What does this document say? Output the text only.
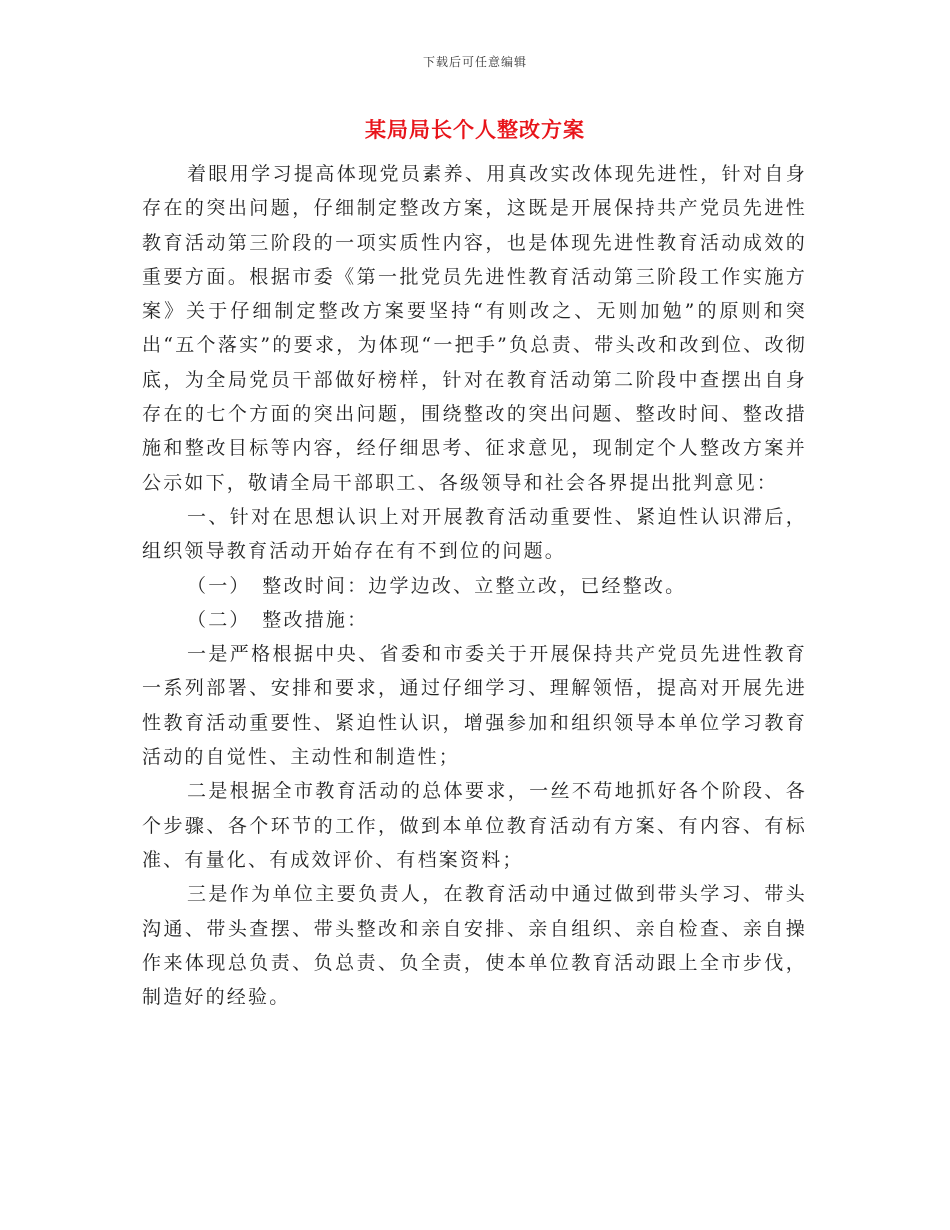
下载后可任意编辑
某局局长个人整改方案

着眼用学习提高体现党员素养、用真改实改体现先进性，针对自身存在的突出问题，仔细制定整改方案，这既是开展保持共产党员先进性教育活动第三阶段的一项实质性内容，也是体现先进性教育活动成效的重要方面。根据市委《第一批党员先进性教育活动第三阶段工作实施方案》关于仔细制定整改方案要坚持“有则改之、无则加勉”的原则和突出“五个落实”的要求，为体现“一把手”负总责、带头改和改到位、改彻底，为全局党员干部做好榜样，针对在教育活动第二阶段中查摆出自身存在的七个方面的突出问题，围绕整改的突出问题、整改时间、整改措施和整改目标等内容，经仔细思考、征求意见，现制定个人整改方案并公示如下，敬请全局干部职工、各级领导和社会各界提出批判意见：

一、针对在思想认识上对开展教育活动重要性、紧迫性认识滞后，组织领导教育活动开始存在有不到位的问题。

（一）　整改时间：边学边改、立整立改，已经整改。

（二）　整改措施：

一是严格根据中央、省委和市委关于开展保持共产党员先进性教育一系列部署、安排和要求，通过仔细学习、理解领悟，提高对开展先进性教育活动重要性、紧迫性认识，增强参加和组织领导本单位学习教育活动的自觉性、主动性和制造性；

二是根据全市教育活动的总体要求，一丝不苟地抓好各个阶段、各个步骤、各个环节的工作，做到本单位教育活动有方案、有内容、有标准、有量化、有成效评价、有档案资料；

三是作为单位主要负责人，在教育活动中通过做到带头学习、带头沟通、带头查摆、带头整改和亲自安排、亲自组织、亲自检查、亲自操作来体现总负责、负总责、负全责，使本单位教育活动跟上全市步伐，制造好的经验。
